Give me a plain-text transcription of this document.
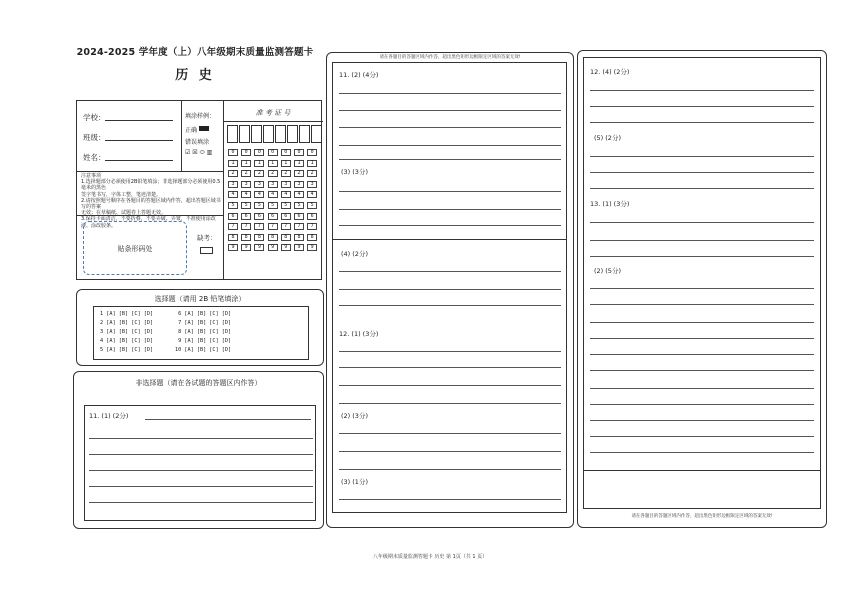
2024-2025 学年度（上）八年级期末质量监测答题卡
历 史
学校：
班级：
姓名：
填涂样例：
正确
错误填涂
☑ ☒ ⬭ ▥
准 考 证 号
0	0	0	0	0	0	0
1	1	1	1	1	1	1
2	2	2	2	2	2	2
3	3	3	3	3	3	3
4	4	4	4	4	4	4
5	5	5	5	5	5	5
6	6	6	6	6	6	6
7	7	7	7	7	7	7
8	8	8	8	8	8	8
9	9	9	9	9	9	9
注意事项
1.选择题部分必须使用2B铅笔填涂；非选择题部分必须使用0.5毫米的黑色
签字笔书写，字体工整，笔迹清楚。
2.请按照题号顺序在各题目的答题区域内作答，超出答题区域书写的答案
无效；在草稿纸、试题卷上答题无效。
3.保持卡面清洁，不要折叠，不要弄破、弄皱，不准使用涂改液、涂改胶条。
贴条形码处
缺考：
选择题（请用 2B 铅笔填涂）
1 [A] [B] [C] [D]        6 [A] [B] [C] [D]
2 [A] [B] [C] [D]        7 [A] [B] [C] [D]
3 [A] [B] [C] [D]        8 [A] [B] [C] [D]
4 [A] [B] [C] [D]        9 [A] [B] [C] [D]
5 [A] [B] [C] [D]       10 [A] [B] [C] [D]
非选择题（请在各试题的答题区内作答）
11. (1) (2分)
请在各题目的答题区域内作答，超出黑色矩形边框限定区域的答案无效!
11. (2) (4分)
(3) (3分)
(4) (2分)
12. (1) (3分)
(2) (3分)
(3) (1分)
12. (4) (2分)
(5) (2分)
13. (1) (3分)
(2) (5分)
请在各题目的答题区域内作答，超出黑色矩形边框限定区域的答案无效!
八年级期末质量监测答题卡 历史 第 1页（共 1 页）
